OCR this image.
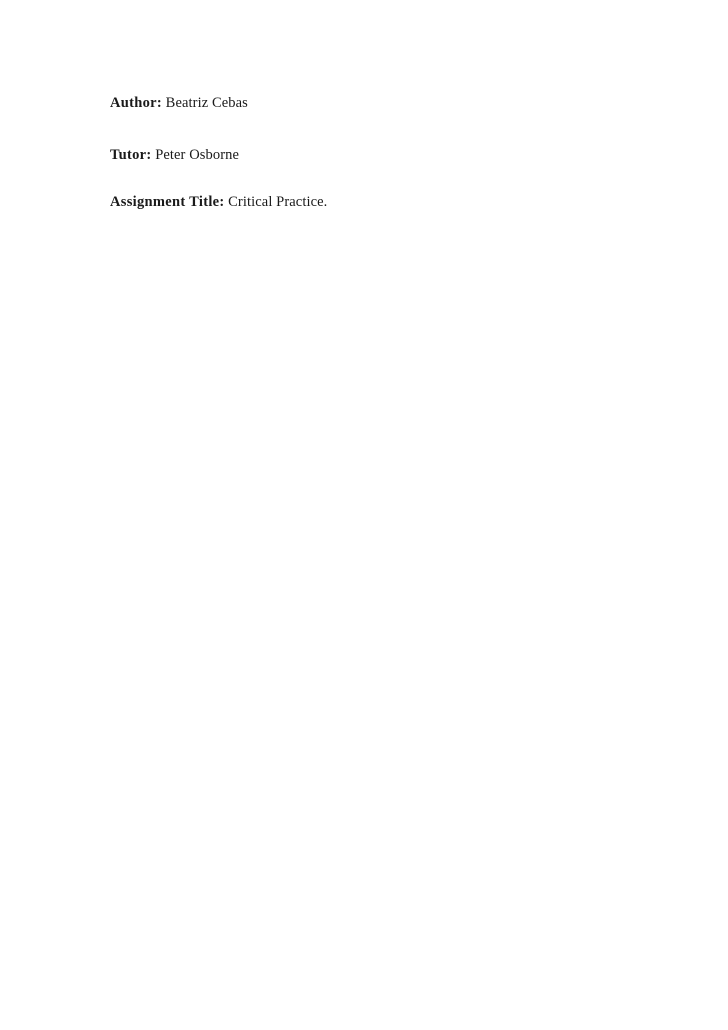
Author: Beatriz Cebas
Tutor: Peter Osborne
Assignment Title: Critical Practice.
